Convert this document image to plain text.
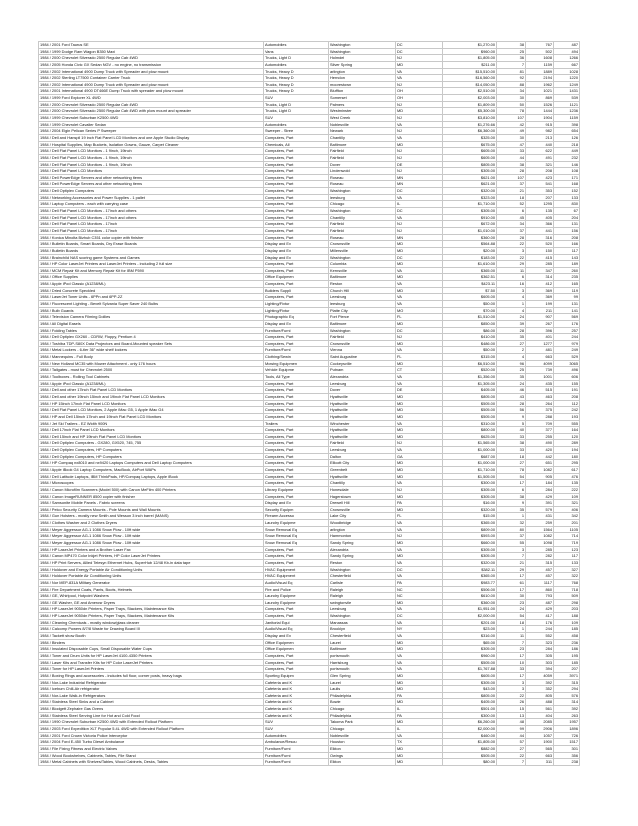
1984 / 2001 Ford Taurus SE	Automobiles	Washington	DC	$1,270.00	38	767	487
1984 / 1999 Dodge Ram Wagon B350 Maxi	Vans	Washington	DC	$960.00	25	502	494
1984 / 2000 Chevrolet Silverado 2500 Regular Cab 4WD	Trucks, Light D	Holmdel	NJ	$1,805.00	36	1608	1266
1984 / 2005 Honda Civic GX Sedan NGV - no engine, no transmission	Automobiles	Silver Spring	MD	$211.00	7	1159	667
1984 / 2002 International 4900 Dump Truck with Spreader and plow mount	Trucks, Heavy D	arlington	VA	$15,510.00	81	1889	1028
1984 / 2002 Sterling LT7500 Container Carrier Truck	Trucks, Heavy D	Herndon	VA	$16,560.00	92	2194	1220
1984 / 2002 International 4900 Dump Truck with Spreader and plow mount	Trucks, Heavy D	moorestown	NJ	$14,050.00	88	1962	1249
1984 / 2001 International 4900 DT466E Dump Truck with spreader and plow mount	Trucks, Heavy D	Bluffton	OH	$2,510.00	34	1021	1431
1984 / 1999 Ford Explorer XL 4WD	SUV	Somerset	OH	$2,003.00	30	869	539
1984 / 2000 Chevrolet Silverado 2500 Regular Cab 4WD	Trucks, Light D	Palmers	NJ	$1,809.00	50	1526	1121
1984 / 2000 Chevrolet Silverado 2500 Regular Cab 4WD with plow mount and spreader	Trucks, Light D	Westminster	MD	$5,300.00	78	1444	1236
1984 / 1999 Chevrolet Suburban K2500 4WD	SUV	West Creek	NJ	$3,810.00	107	1904	1159
1984 / 1999 Chevrolet Cavalier Sedan	Automobiles	Noblesville	VA	$1,276.66	42	915	398
1984 / 2004 Elgin Pelican Series P Sweeper	Sweeper - Stree	Newark	NJ	$6,360.00	49	982	654
1984 / Dell and Hanspil 19 inch Flat Panel LCD Monitors and one Apple Studio Display	Computers, Part	Chantilly	VA	$325.00	30	213	126
1984 / Hospital Supplies, Map Buckets, Isolation Gowns, Gauze, Carpet Cleaner	Chemicals, All	Baltimore	MD	$675.00	47	440	218
1984 / Dell Flat Panel LCD Monitors - 1 9inch, 19inch	Computers, Part	Fairfield	NJ	$605.00	33	622	449
1984 / Dell Flat Panel LCD Monitors - 1 9inch, 19inch	Computers, Part	Fairfield	NJ	$605.00	44	491	232
1984 / Dell Flat Panel LCD Monitors - 1 9inch, 19inch	Computers, Part	Dover	DE	$805.00	38	321	146
1984 / Dell Flat Panel LCD Monitors	Computers, Part	Lindenwold	NJ	$305.00	28	208	108
1984 / Dell PowerEdge Servers and other networking items	Computers, Part	Roseau	MN	$621.00	107	423	171
1984 / Dell PowerEdge Servers and other networking items	Computers, Part	Roseau	MN	$621.00	37	541	168
1984 / Dell Optiplex Computers	Computers, Part	Washington	DC	$320.00	21	353	152
1984 / Networking Accessories and Power Supplies - 1 pallet	Computers, Part	leesburg	VA	$323.00	18	207	133
1984 / Laptop Computers - each with carrying case	Computers, Part	Chicago	IL	$1,710.00	52	1295	830
1984 / Dell Flat Panel LCD Monitors - 17inch and others	Computers, Part	Washington	DC	$305.00	6	135	67
1984 / Dell Flat Panel LCD Monitors - 17inch and others	Computers, Part	Chantilly	VA	$910.00	45	405	204
1984 / Dell Flat Panel LCD Monitors - 17inch	Computers, Part	Fairfield	NJ	$672.00	34	366	131
1984 / Dell Flat Panel LCD Monitors - 17inch	Computers, Part	Fairfield	NJ	$1,010.00	37	441	156
1984 / Konica Minolta Bizhub C351 color copier with finisher	Computers, Part	Roseau	MN	$360.00	28	316	208
1984 / Bulletin Boards, Smart Boards, Dry Erase Boards	Display and Ex	Crownsville	MD	$564.88	22	520	166
1984 / Bulletin Boards	Display and Ex	Millersville	MD	$20.00	3	150	117
1984 / Brainchild NAS scoring game Systems and Games	Display and Ex	Washington	DC	$183.00	22	415	143
1984 / HP Color LaserJet Printers and LaserJet Printers - including 2 full size	Computers, Part	Columbia	MD	$1,610.00	29	285	189
1984 / MCM Repair Kit and Memory Repair Kit for IBM P590	Computers, Part	Kernsville	VA	$365.00	11	347	260
1984 / Office Supplies	Office Equipmen	Baltimore	MD	$362.51	6	314	235
1984 / Apple iPod Classic (A1238/ML)	Computers, Part	Reston	VA	$423.11	16	412	165
1984 / Dried Concrete Speckled	Builders Suppli	Church Hill	MD	$7.50	3	369	119
1984 / LaserJet Toner Units - 6PPn and 6PP-2Z	Computers, Part	Leesburg	VA	$605.00	4	369	99
1984 / Fluorescent Lighting - Bevelt Sylvania Super Saver 240 Bulbs	Lighting/Fixtur	leesburg	VA	$50.00	1	199	131
1984 / Bulb Guards	Lighting/Fixtur	Platte City	MO	$70.00	4	211	141
1984 / Television Camera Filming Dollies	Photographic Eq	Fort Pierce	FL	$1,510.00	24	907	569
1984 / All Digital Easels	Display and Ex	Baltimore	MD	$850.00	39	267	176
1984 / Folding Tables	Furniture/Furni	Washington	DC	$86.00	28	396	257
1984 / Dell Optiplex GX260 - CDRW, Floppy, Pentium 4	Computers, Part	Fairfield	NJ	$410.00	35	401	244
1984 / Toshiba TDP-S80X Data Projectors and Board-Mounted speaker Sets	Computers, Part	Crownsville	MD	$486.00	27	1277	979
1984 / Metal Lockers - 6-tier 36" wide shelf lockers	Furniture/Furni	Vienna	VA	$50.00	2	481	249
1984 / Mannequins - Full Body	Clothing/Sewin	Saint Augustine	FL	$315.00	4	663	529
1984 / New Holland MC35 with Mower Attachment - only 176 hours	Mowing Equipmen	Cockeysville	MD	$6,510.00	96	4099	3065
1984 / Tailgates - must for Chevrolet 2500	Vehicle Equipme	Putnam	CT	$520.00	25	739	496
1984 / Toolboxes - Rolling Tool Cabinets	Tools, All Type	Alexandria	VA	$1,356.00	35	1001	606
1984 / Apple iPod Classic (A1238/ML)	Computers, Part	Leesburg	VA	$1,305.00	24	435	155
1984 / Dell and other 17inch Flat Panel LCD Monitors	Computers, Part	Dover	DE	$405.00	46	515	191
1984 / Dell and other 19inch 15inch and 19inch Flat Panel LCD Monitors	Computers, Part	Hyattsville	MD	$805.00	43	463	208
1984 / HP 15inch 17inch Flat Panel LCD Monitors	Computers, Part	Hyattsville	MD	$505.00	28	264	112
1984 / Dell Flat Panel LCD Monitors, 2 Apple iMac G5, 1 Apple iMac G4	Computers, Part	Hyattsville	MD	$505.00	56	375	242
1984 / HP and Dell 15inch 17inch and 19inch Flat Panel LCD Monitors	Computers, Part	Hyattsville	MD	$505.00	9	288	193
1984 / Jet Ski Trailers - EZ Width 900N	Trailers	Winchester	VA	$310.00	5	709	555
1984 / Dell 17inch Flat Panel LCD Monitors	Computers, Part	Hyattsville	MD	$800.00	40	377	164
1984 / Dell 15inch and HP 19inch Flat Panel LCD Monitors	Computers, Part	Hyattsville	MD	$625.00	33	255	120
1984 / Dell Optiplex Computers - GX280, GX520, 745, 755	Computers, Part	Fairfield	NJ	$1,565.00	38	490	289
1984 / Dell Optiplex Computers, HP Computers	Computers, Part	Leesburg	VA	$1,000.00	33	420	194
1984 / Dell Optiplex Computers, HP Computers	Computers, Part	Dalton	GA	$687.00	18	442	180
1984 / HP Compaq nx8010 and nx9420 Laptops Computers and Dell Laptop Computers	Computers, Part	Ellicott City	MD	$1,000.00	27	651	295
1984 / Apple iBook G4 Laptop Computers, MacBook, AirPort WAPs	Computers, Part	Greenbelt	MD	$1,710.00	78	1082	617
1984 / Dell Latitude Laptops, IBM ThinkPads, HP/Compaq Laptops, Apple iBook	Computers, Part	Hyattsville	MD	$1,505.00	54	905	476
1984 / Microscopes	Computers, Part	Chantilly	VA	$300.00	17	184	135
1984 / Canon Microfilm Scanners (Model 500) with Canon MeFilm 400 Printers	Library Equipme	Honesdale	NJ	$305.00	6	284	222
1984 / Canon ImageRUNNER 8500 copier with finisher	Computers, Part	Hagerstown	MD	$305.00	38	429	109
1984 / Samsonite Mobile Panels - Fabric screens	Display and Ex	Drewell Hill	PA	$16.00	9	391	321
1984 / Pelco Security Camera Mounts - Pole Mounts and Wall Mounts	Security Equipm	Crownsville	MD	$320.00	35	579	406
1984 / Gun Holsters - mostly new Smith and Wesson 3 inch barrel (MANS)	Firearm Accesso	Lake City	FL	$15.00	1	431	342
1984 / Clothes Washer and 2 Clothes Dryers	Laundry Equipme	Woodbridge	VA	$365.00	32	259	201
1984 / Meyer Aggressor AG-1 1086 Snow Plow - 10ft wide	Snow Removal Eq	arlington	VA	$809.00	80	1564	1105
1984 / Meyer Aggressor AG-1 1086 Snow Plow - 10ft wide	Snow Removal Eq	Hammonton	NJ	$593.00	37	1082	714
1984 / Meyer Aggressor AG-1 1086 Snow Plow - 10ft wide	Snow Removal Eq	Sandy Spring	MD	$660.00	55	1098	719
1984 / HP LaserJet Printers and a Brother Laser Fax	Computers, Part	Alexandria	VA	$305.00	3	285	123
1984 / Canon MP470 Color Inkjet Printers, HP Color LaserJet Printers	Computers, Part	Sandy Spring	MD	$305.00	7	282	117
1984 / HP Print Servers, Allied Telesyn Ethernet Hubs, SuperHub 12/48 Kb-in data tape	Computers, Part	Reston	VA	$320.00	21	315	133
1984 / Holdover and Energy Portable Air Conditioning Units	HVAC Equipment	Washington	DC	$382.11	29	457	327
1984 / Holdover Portable Air Conditioning Units	HVAC Equipment	Chesterfield	VA	$365.00	17	457	322
1984 / Nor MEP-831A Military Generator	Audio/Visual Eq	Carlisle	PA	$983.77	61	1117	768
1984 / Fire Department Coats, Pants, Boots, Helmets	Fire and Police	Raleigh	NC	$506.00	17	860	718
1984 / GE, Whirlpool, Hotpoint Washers	Laundry Equipme	Raleigh	NC	$610.00	30	793	509
1984 / GE Washer, GE and Amerosr Dryers	Laundry Equipme	swingtonvile	MD	$360.00	23	487	298
1984 / HP LaserJet 9050dn Printers, Paper Trays, Stackers, Maintenance Kits	Computers, Part	Leesburg	VA	$1,951.00	24	429	203
1984 / HP LaserJet 9050dn Printers, Paper Trays, Stackers, Maintenance Kits	Computers, Part	Washington	DC	$2,000.00	54	417	188
1984 / Cleaning Chemicals - mostly window/glass cleaner	Janitorial Equi	Manassas	VA	$201.00	18	176	109
1984 / Calcomp Powers 8/7/8 Waste for Drawing Board III	Audio/Visual Eq	Brooklyn	NY	$23.00	1	244	185
1984 / Tackett show Booth	Display and Ex	Chesterfield	VA	$316.00	11	552	458
1984 / Binders	Office Equipmen	Laurel	MD	$65.00	7	323	236
1984 / Insulated Disposable Cups, Small Disposable Water Cups	Office Equipmen	Baltimore	MD	$305.00	23	284	186
1984 / Toner and Drum Units for HP LaserJet 4100-4350 Printers	Computers, Part	portsmouth	VA	$960.00	17	305	195
1984 / Laser Kits and Transfer Kits for HP Color LaserJet Printers	Computers, Part	Harrisburg	VA	$505.00	10	303	185
1984 / Toner for HP LaserJet Printers	Computers, Part	portsmouth	VA	$1,767.88	33	394	207
1984 / Boxing Rings and accessories - includes full floor, corner posts, heavy bags	Sporting Equipm	Glen Spring	MD	$605.00	17	4059	3971
1984 / Nor-Lake Industrial Refrigerator	Cafeteria and K	Laurel	MD	$305.00	3	392	315
1984 / Icebum Chill-Air refrigerator	Cafeteria and K	Laulis	MD	$43.00	3	352	294
1984 / Nor-Lake Walk-in Refrigerators	Cafeteria and K	Philadelphia	PA	$805.00	22	805	576
1984 / Stainless Steel Sinks and a Cabinet	Cafeteria and K	Bowie	MD	$405.00	26	488	314
1984 / Blodgett Zephaire Gas Ovens	Cafeteria and K	Chicago	IL	$501.00	15	561	392
1984 / Stainless Steel Serving Line for Hot and Cold Food	Cafeteria and K	Philadelphia	PA	$300.00	13	404	263
1984 / 1990 Chevrolet Suburban K2500 4WD with Extended Rollout Platform	SUV	Takoma Park	MD	$6,260.00	48	2085	1957
1984 / 2003 Ford Expedition XLT Popular 5.4L 4WD with Extended Rollout Platform	SUV	Chicago	IL	$2,000.00	99	2906	1896
1984 / 2001 Ford Crown Victoria Police Interceptor	Automobiles	Noblesville	VA	$460.00	44	1057	726
1984 / 2004 Ford E-450 Turbo Diesel Ambulance	Ambulance/Rescu	Houston	TX	$1,805.00	57	1900	1517
1984 / File Fixing Fitness and Electric Valves	Furniture/Furni	Elkton	MD	$882.00	27	565	301
1984 / Wood Bookshelves, Cabinets, Tables, File Stand	Furniture/Furni	Owings	MD	$505.00	22	663	356
1984 / Metal Cabinets with Shelves/Tables, Wood Cabinets, Desks, Tables	Furniture/Furni	Elkton	MD	$80.00	7	311	238
